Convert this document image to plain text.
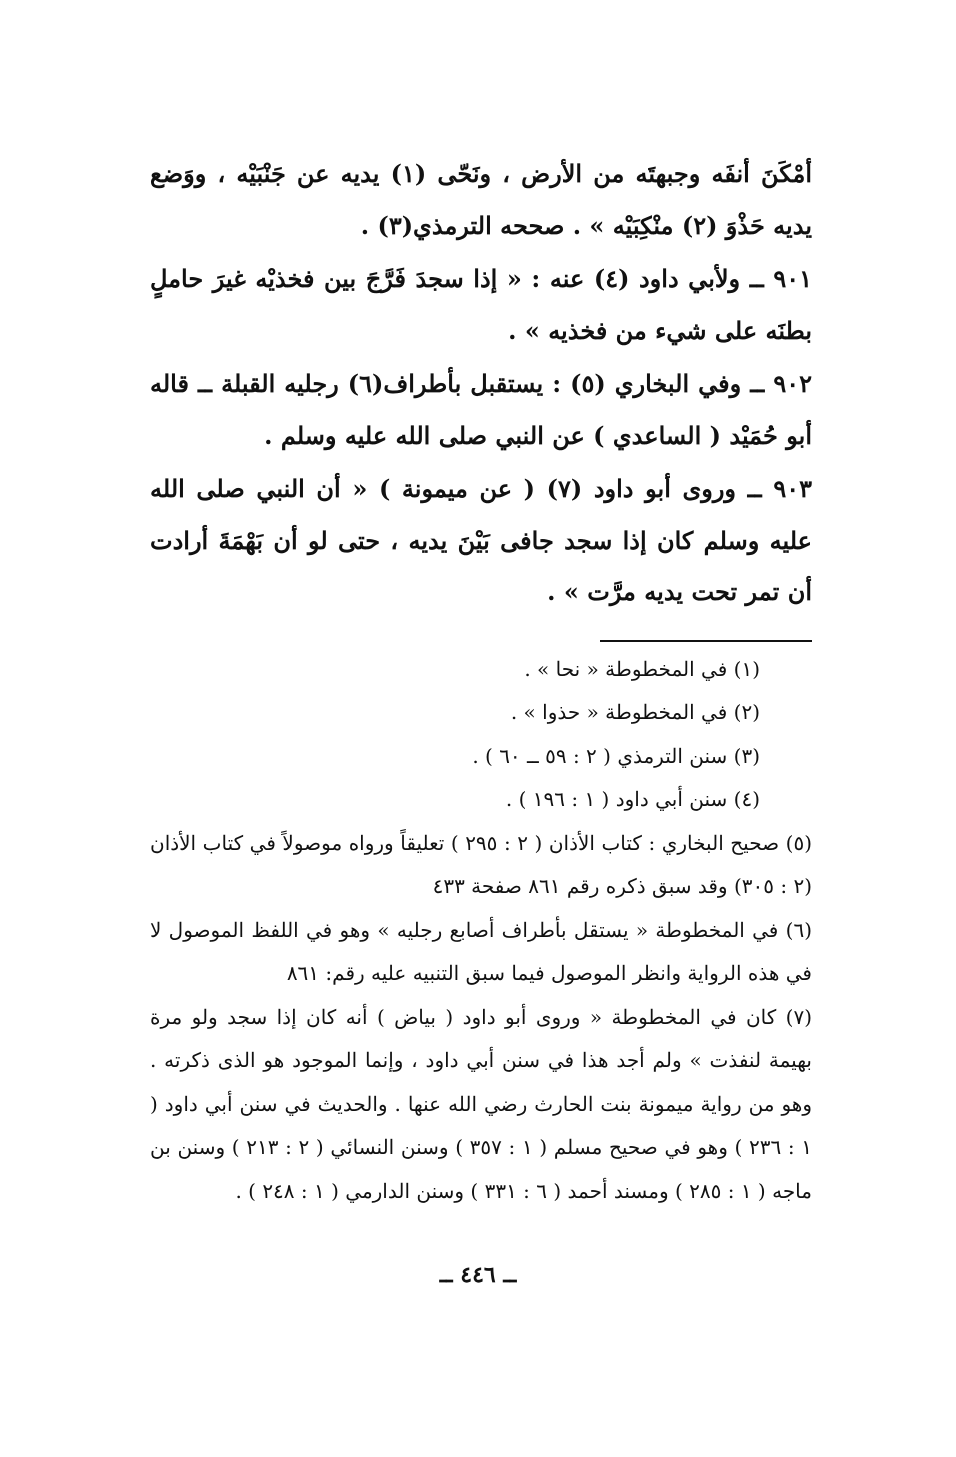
أمْكَنَ أنفَه وجبهتَه من الأرض ، ونَحّى (١) يديه عن جَنْبَيْه ، ووَضع يديه حَذْوَ (٢) منْكِبَيْه » . صححه الترمذي(٣) .

٩٠١ ــ ولأبي داود (٤) عنه : « إذا سجدَ فَرَّجَ بين فخذيْه غيرَ حاملٍ بطنَه على شيء من فخذيه » .

٩٠٢ ــ وفي البخاري (٥) : يستقبل بأطراف(٦) رجليه القبلة ــ قاله أبو حُمَيْد ( الساعدي ) عن النبي صلى الله عليه وسلم .

٩٠٣ ــ وروى أبو داود (٧) ( عن ميمونة ) « أن النبي صلى الله عليه وسلم كان إذا سجد جافى بَيْنَ يديه ، حتى لو أن بَهْمَةَ أرادت أن تمر تحت يديه مرَّت » .

(١) في المخطوطة « نحا » .

(٢) في المخطوطة « حذوا » .

(٣) سنن الترمذي ( ٢ : ٥٩ ــ ٦٠ ) .

(٤) سنن أبي داود ( ١ : ١٩٦ ) .

(٥) صحيح البخاري : كتاب الأذان ( ٢ : ٢٩٥ ) تعليقاً ورواه موصولاً في كتاب الأذان (٢ : ٣٠٥) وقد سبق ذكره رقم ٨٦١ صفحة ٤٣٣

(٦) في المخطوطة « يستقل بأطراف أصابع رجليه » وهو في اللفظ الموصول لا في هذه الرواية وانظر الموصول فيما سبق التنبيه عليه رقم: ٨٦١

(٧) كان في المخطوطة « وروى أبو داود ( بياض ) أنه كان إذا سجد ولو مرة بهيمة لنفذت » ولم أجد هذا في سنن أبي داود ، وإنما الموجود هو الذى ذكرته . وهو من رواية ميمونة بنت الحارث رضي الله عنها . والحديث في سنن أبي داود ( ١ : ٢٣٦ ) وهو في صحيح مسلم ( ١ : ٣٥٧ ) وسنن النسائي ( ٢ : ٢١٣ ) وسنن بن ماجه ( ١ : ٢٨٥ ) ومسند أحمد ( ٦ : ٣٣١ ) وسنن الدارمي ( ١ : ٢٤٨ ) .

ــ ٤٤٦ ــ
